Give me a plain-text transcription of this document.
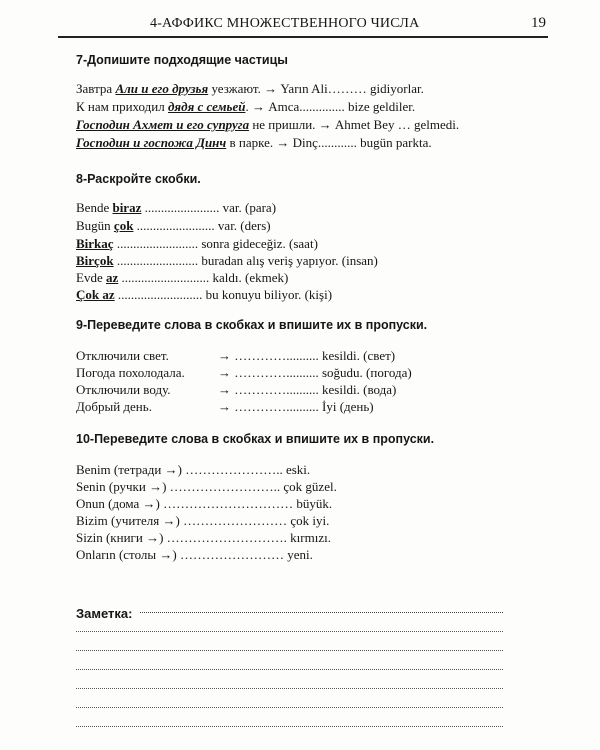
4-АФФИКС МНОЖЕСТВЕННОГО ЧИСЛА	19
7-Допишите подходящие частицы
Завтра Али и его друзья уезжают. → Yarın Ali……… gidiyorlar.
К нам приходил дядя с семьей. → Amca.............. bize geldiler.
Господин Ахмет и его супруга не пришли. → Ahmet Bey … gelmedi.
Господин и госпожа Динч в парке. → Dinç............ bugün parkta.
8-Раскройте скобки.
Bende biraz ....................... var. (para)
Bugün çok ........................ var. (ders)
Birkaç ......................... sonra gideceğiz. (saat)
Birçok ......................... buradan alış veriş yapıyor. (insan)
Evde az ........................... kaldı. (ekmek)
Çok az .......................... bu konuyu biliyor. (kişi)
9-Переведите слова в скобках и впишите их в пропуски.
Отключили свет.	→ ………….......... kesildi. (свет)
Погода похолодала.	→ ………….......... soğudu. (погода)
Отключили воду.	→ ………….......... kesildi. (вода)
Добрый день.	→ ………….......... İyi (день)
10-Переведите слова в скобках и впишите их в пропуски.
Benim (тетради →) ………………….. eski.
Senin (ручки →) …………………….. çok güzel.
Onun (дома →) ………………………… büyük.
Bizim (учителя →) …………………… çok iyi.
Sizin (книги →) ………………………. kırmızı.
Onların (столы →) …………………… yeni.
Заметка:
